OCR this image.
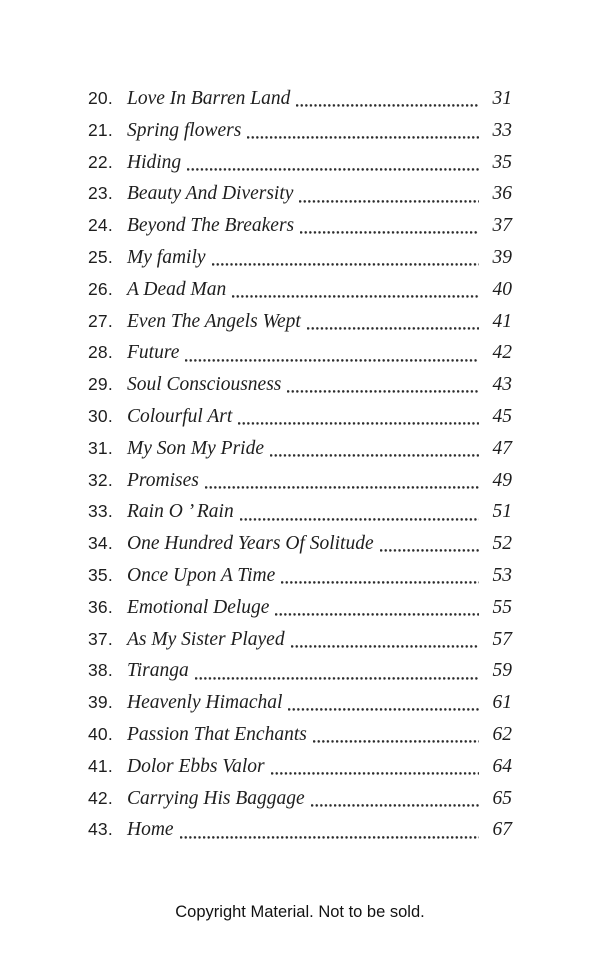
20. Love In Barren Land	31
21. Spring flowers	33
22. Hiding	35
23. Beauty And Diversity	36
24. Beyond The Breakers	37
25. My family	39
26. A Dead Man	40
27. Even The Angels Wept	41
28. Future	42
29. Soul Consciousness	43
30. Colourful Art	45
31. My Son My Pride	47
32. Promises	49
33. Rain O ’ Rain	51
34. One Hundred Years Of Solitude	52
35. Once Upon A Time	53
36. Emotional Deluge	55
37. As My Sister Played	57
38. Tiranga	59
39. Heavenly Himachal	61
40. Passion That Enchants	62
41. Dolor Ebbs Valor	64
42. Carrying His Baggage	65
43. Home	67
Copyright Material. Not to be sold.
